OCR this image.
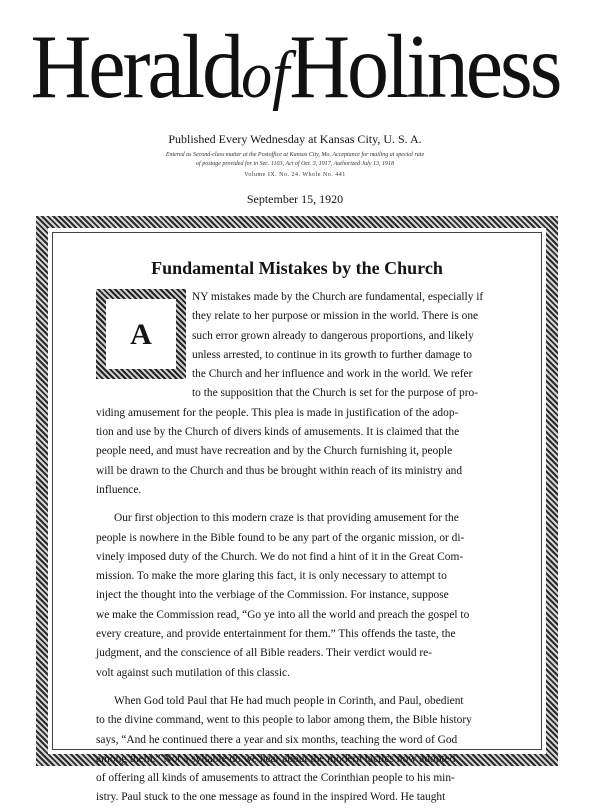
HeraldofHoliness
Published Every Wednesday at Kansas City, U. S. A.
Entered as Second-class matter at the Postoffice at Kansas City, Mo. Acceptance for mailing at special rate
of postage provided for in Sec. 1103, Act of Oct. 3, 1917, Authorized July 13, 1918
Volume IX. No. 24. Whole No. 441
September 15, 1920
Fundamental Mistakes by the Church
A
NY mistakes made by the Church are fundamental, especially if
they relate to her purpose or mission in the world. There is one
such error grown already to dangerous proportions, and likely
unless arrested, to continue in its growth to further damage to
the Church and her influence and work in the world. We refer
to the supposition that the Church is set for the purpose of pro-
viding amusement for the people. This plea is made in justification of the adop-
tion and use by the Church of divers kinds of amusements. It is claimed that the
people need, and must have recreation and by the Church furnishing it, people
will be drawn to the Church and thus be brought within reach of its ministry and
influence.
Our first objection to this modern craze is that providing amusement for the
people is nowhere in the Bible found to be any part of the organic mission, or di-
vinely imposed duty of the Church. We do not find a hint of it in the Great Com-
mission. To make the more glaring this fact, it is only necessary to attempt to
inject the thought into the verbiage of the Commission. For instance, suppose
we make the Commission read, “Go ye into all the world and preach the gospel to
every creature, and provide entertainment for them.” This offends the taste, the
judgment, and the conscience of all Bible readers. Their verdict would re-
volt against such mutilation of this classic.
When God told Paul that He had much people in Corinth, and Paul, obedient
to the divine command, went to this people to labor among them, the Bible history
says, “And he continued there a year and six months, teaching the word of God
among them.” Not a syllable do we hear about the modern tactics now adopted
of offering all kinds of amusements to attract the Corinthian people to his min-
istry. Paul stuck to the one message as found in the inspired Word. He taught
